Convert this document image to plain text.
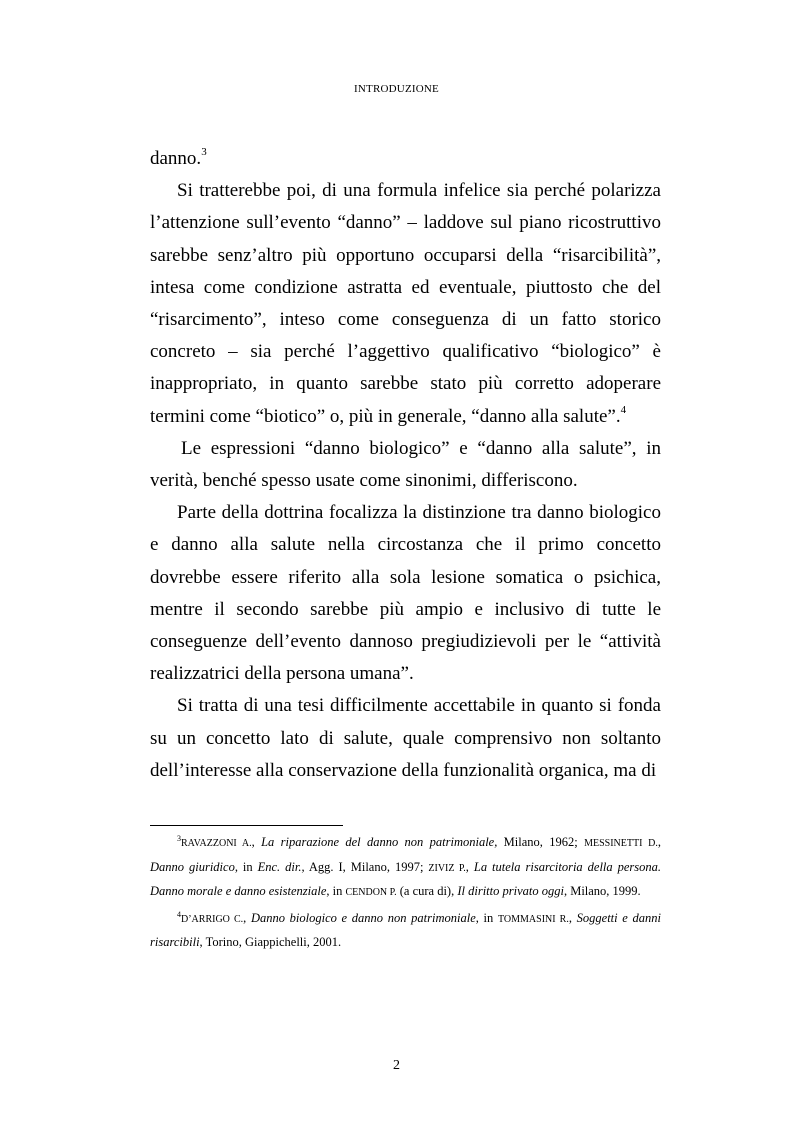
INTRODUZIONE

danno.$^3$

Si tratterebbe poi, di una formula infelice sia perché polarizza l’attenzione sull’evento “danno” – laddove sul piano ricostruttivo sarebbe senz’altro più opportuno occuparsi della “risarcibilità”, intesa come condizione astratta ed eventuale, piuttosto che del “risarcimento”, inteso come conseguenza di un fatto storico concreto – sia perché l’aggettivo qualificativo “biologico” è inappropriato, in quanto sarebbe stato più corretto adoperare termini come “biotico” o, più in generale, “danno alla salute”.$^4$

Le espressioni “danno biologico” e “danno alla salute”, in verità, benché spesso usate come sinonimi, differiscono.

Parte della dottrina focalizza la distinzione tra danno biologico e danno alla salute nella circostanza che il primo concetto dovrebbe essere riferito alla sola lesione somatica o psichica, mentre il secondo sarebbe più ampio e inclusivo di tutte le conseguenze dell’evento dannoso pregiudizievoli per le “attività realizzatrici della persona umana”.

Si tratta di una tesi difficilmente accettabile in quanto si fonda su un concetto lato di salute, quale comprensivo non soltanto dell’interesse alla conservazione della funzionalità organica, ma di

$^3$RAVAZZONI A., La riparazione del danno non patrimoniale, Milano, 1962; MESSINETTI D., Danno giuridico, in Enc. dir., Agg. I, Milano, 1997; ZIVIZ P., La tutela risarcitoria della persona. Danno morale e danno esistenziale, in CENDON P. (a cura di), Il diritto privato oggi, Milano, 1999.

$^4$D’ARRIGO C., Danno biologico e danno non patrimoniale, in TOMMASINI R., Soggetti e danni risarcibili, Torino, Giappichelli, 2001.

2
